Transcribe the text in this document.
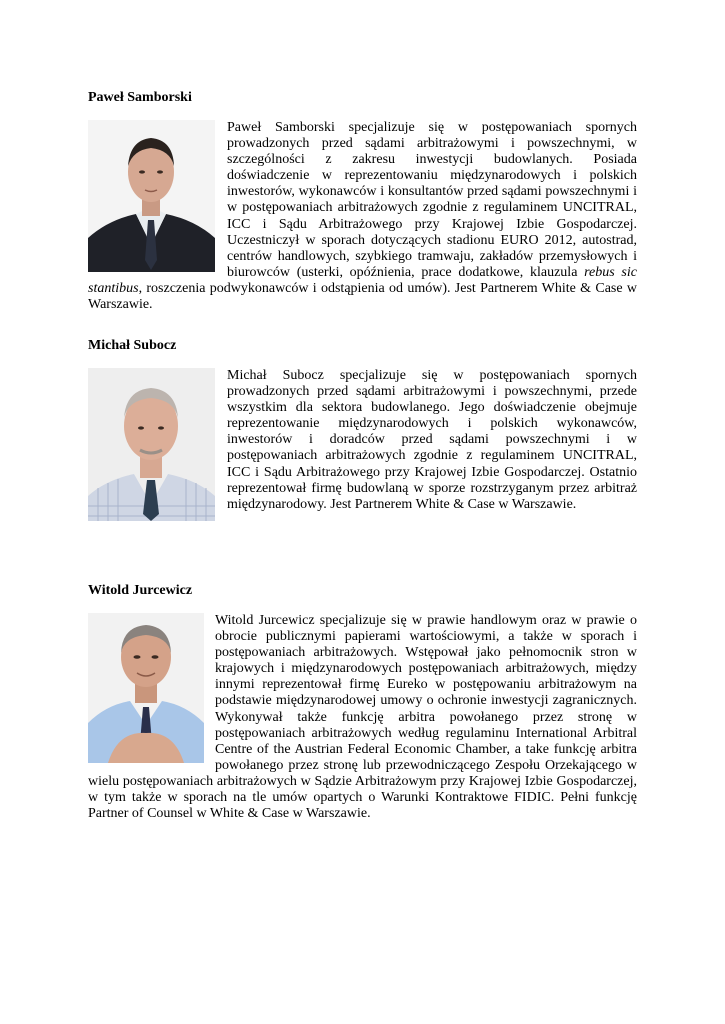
Paweł Samborski

Paweł Samborski specjalizuje się w postępowaniach spornych prowadzonych przed sądami arbitrażowymi i powszechnymi, w szczególności z zakresu inwestycji budowlanych. Posiada doświadczenie w reprezentowaniu międzynarodowych i polskich inwestorów, wykonawców i konsultantów przed sądami powszechnymi i w postępowaniach arbitrażowych zgodnie z regulaminem UNCITRAL, ICC i Sądu Arbitrażowego przy Krajowej Izbie Gospodarczej. Uczestniczył w sporach dotyczących stadionu EURO 2012, autostrad, centrów handlowych, szybkiego tramwaju, zakładów przemysłowych i biurowców (usterki, opóźnienia, prace dodatkowe, klauzula rebus sic stantibus, roszczenia podwykonawców i odstąpienia od umów). Jest Partnerem White & Case w Warszawie.

Michał Subocz

Michał Subocz specjalizuje się w postępowaniach spornych prowadzonych przed sądami arbitrażowymi i powszechnymi, przede wszystkim dla sektora budowlanego. Jego doświadczenie obejmuje reprezentowanie międzynarodowych i polskich wykonawców, inwestorów i doradców przed sądami powszechnymi i w postępowaniach arbitrażowych zgodnie z regulaminem UNCITRAL, ICC i Sądu Arbitrażowego przy Krajowej Izbie Gospodarczej. Ostatnio reprezentował firmę budowlaną w sporze rozstrzyganym przez arbitraż międzynarodowy. Jest Partnerem White & Case w Warszawie.

Witold Jurcewicz

Witold Jurcewicz specjalizuje się w prawie handlowym oraz w prawie o obrocie publicznymi papierami wartościowymi, a także w sporach i postępowaniach arbitrażowych. Wstępował jako pełnomocnik stron w krajowych i międzynarodowych postępowaniach arbitrażowych, między innymi reprezentował firmę Eureko w postępowaniu arbitrażowym na podstawie międzynarodowej umowy o ochronie inwestycji zagranicznych. Wykonywał także funkcję arbitra powołanego przez stronę w postępowaniach arbitrażowych według regulaminu International Arbitral Centre of the Austrian Federal Economic Chamber, a take funkcję arbitra powołanego przez stronę lub przewodniczącego Zespołu Orzekającego w wielu postępowaniach arbitrażowych w Sądzie Arbitrażowym przy Krajowej Izbie Gospodarczej, w tym także w sporach na tle umów opartych o Warunki Kontraktowe FIDIC. Pełni funkcję Partner of Counsel w White & Case w Warszawie.
